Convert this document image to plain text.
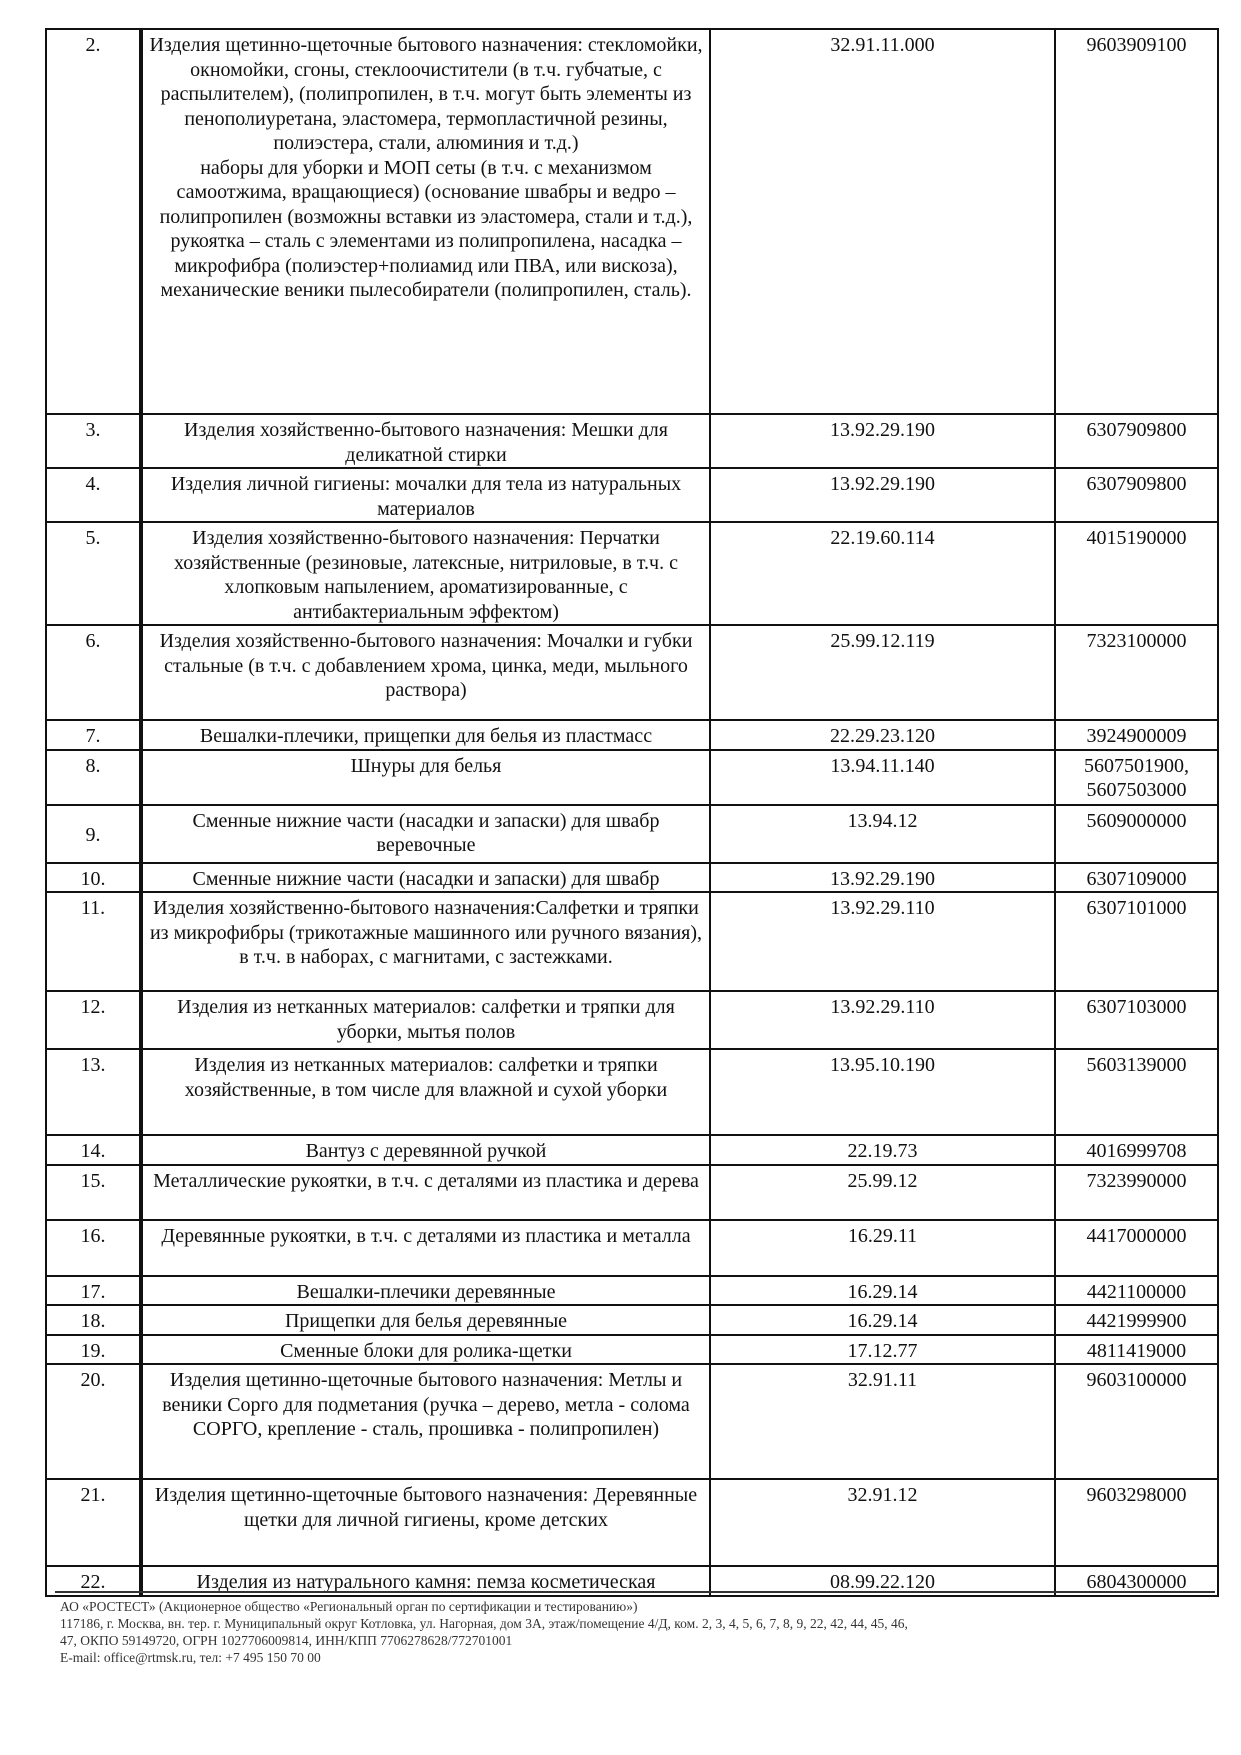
2.	Изделия щетинно-щеточные бытового назначения: стекломойки, окномойки, сгоны, стеклоочистители (в т.ч. губчатые, с распылителем), (полипропилен, в т.ч. могут быть элементы из пенополиуретана, эластомера, термопластичной резины, полиэстера, стали, алюминия и т.д.)
наборы для уборки и МОП сеты (в т.ч. с механизмом самоотжима, вращающиеся) (основание швабры и ведро – полипропилен (возможны вставки из эластомера, стали и т.д.), рукоятка – сталь с элементами из полипропилена, насадка – микрофибра (полиэстер+полиамид или ПВА, или вискоза), механические веники пылесобиратели (полипропилен, сталь).	32.91.11.000	9603909100
3.	Изделия хозяйственно-бытового назначения: Мешки для деликатной стирки	13.92.29.190	6307909800
4.	Изделия личной гигиены: мочалки для тела из натуральных материалов	13.92.29.190	6307909800
5.	Изделия хозяйственно-бытового назначения: Перчатки хозяйственные (резиновые, латексные, нитриловые, в т.ч. с хлопковым напылением, ароматизированные, с антибактериальным эффектом)	22.19.60.114	4015190000
6.	Изделия хозяйственно-бытового назначения: Мочалки и губки стальные (в т.ч. с добавлением хрома, цинка, меди, мыльного раствора)	25.99.12.119	7323100000
7.	Вешалки-плечики, прищепки для белья из пластмасс	22.29.23.120	3924900009
8.	Шнуры для белья	13.94.11.140	5607501900,
5607503000
9.	Сменные нижние части (насадки и запаски) для швабр веревочные	13.94.12	5609000000
10.	Сменные нижние части (насадки и запаски) для швабр	13.92.29.190	6307109000
11.	Изделия хозяйственно-бытового назначения:Салфетки и тряпки из микрофибры (трикотажные машинного или ручного вязания), в т.ч. в наборах, с магнитами, с застежками.	13.92.29.110	6307101000
12.	Изделия из нетканных материалов: салфетки и тряпки для уборки, мытья полов	13.92.29.110	6307103000
13.	Изделия из нетканных материалов: салфетки и тряпки хозяйственные, в том числе для влажной и сухой уборки	13.95.10.190	5603139000
14.	Вантуз с деревянной ручкой	22.19.73	4016999708
15.	Металлические рукоятки, в т.ч. с деталями из пластика и дерева	25.99.12	7323990000
16.	Деревянные рукоятки, в т.ч. с деталями из пластика и металла	16.29.11	4417000000
17.	Вешалки-плечики деревянные	16.29.14	4421100000
18.	Прищепки для белья деревянные	16.29.14	4421999900
19.	Сменные блоки для ролика-щетки	17.12.77	4811419000
20.	Изделия щетинно-щеточные бытового назначения: Метлы и веники Сорго для подметания (ручка – дерево, метла - солома СОРГО, крепление - сталь, прошивка - полипропилен)	32.91.11	9603100000
21.	Изделия щетинно-щеточные бытового назначения: Деревянные щетки для личной гигиены, кроме детских	32.91.12	9603298000
22.	Изделия из натурального камня: пемза косметическая	08.99.22.120	6804300000
АО «РОСТЕСТ» (Акционерное общество «Региональный орган по сертификации и тестированию»)
117186, г. Москва, вн. тер. г. Муниципальный округ Котловка, ул. Нагорная, дом 3А, этаж/помещение 4/Д, ком. 2, 3, 4, 5, 6, 7, 8, 9, 22, 42, 44, 45, 46,
47, ОКПО 59149720, ОГРН 1027706009814, ИНН/КПП 7706278628/772701001
E-mail: office@rtmsk.ru, тел: +7 495 150 70 00
